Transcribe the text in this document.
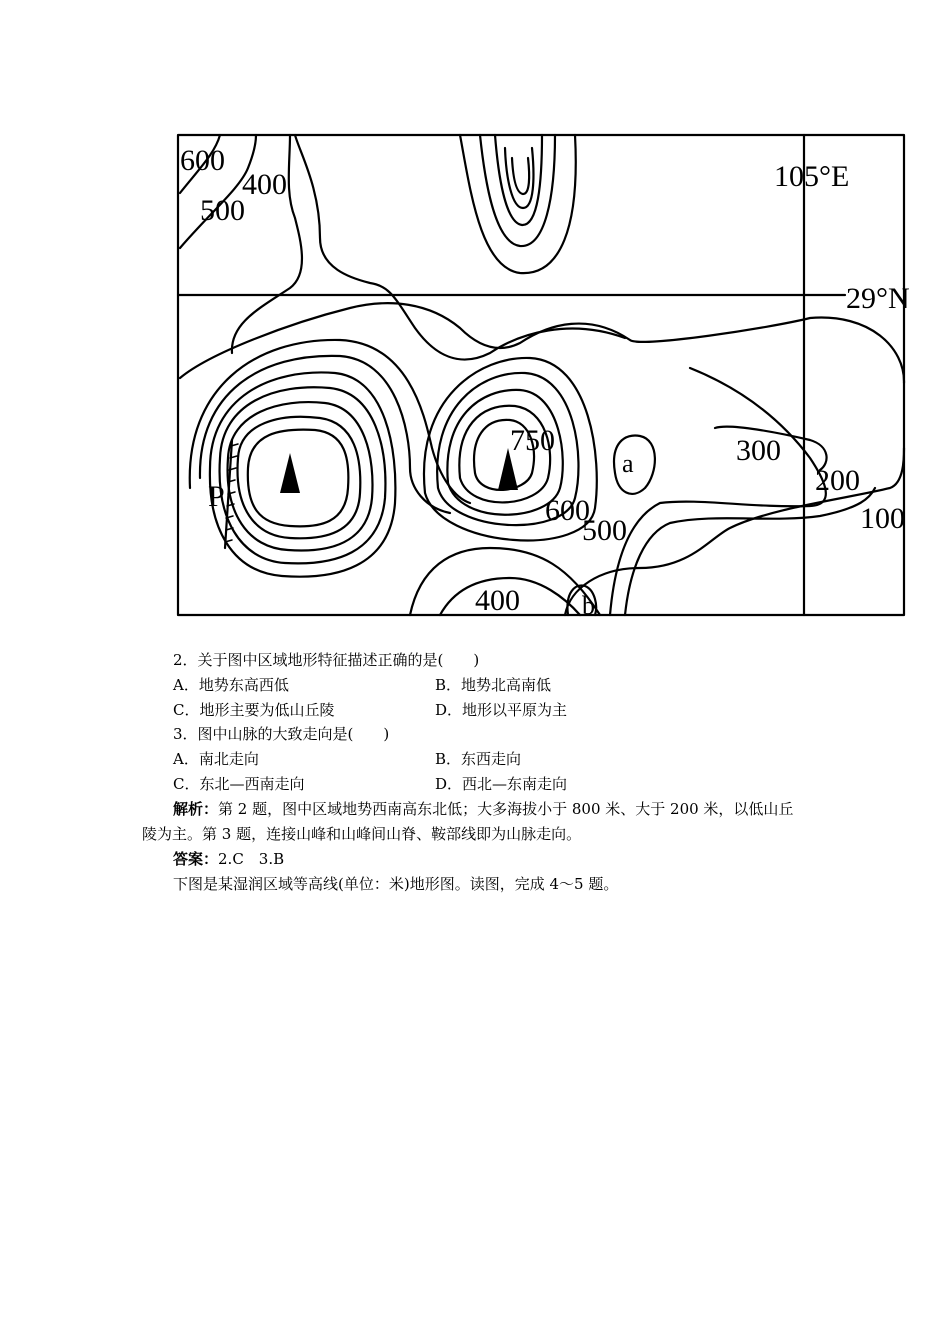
600
500
400
750
600
500
400
300
200
100
105°E
29°N
P
a
b
2．关于图中区域地形特征描述正确的是(　　)
A．地势东高西低	B．地势北高南低
C．地形主要为低山丘陵	D．地形以平原为主
3．图中山脉的大致走向是(　　)
A．南北走向	B．东西走向
C．东北—西南走向	D．西北—东南走向
解析：第 2 题，图中区域地势西南高东北低；大多海拔小于 800 米、大于 200 米，以低山丘
陵为主。第 3 题，连接山峰和山峰间山脊、鞍部线即为山脉走向。
答案：2.C　3.B
下图是某湿润区域等高线(单位：米)地形图。读图，完成 4～5 题。
